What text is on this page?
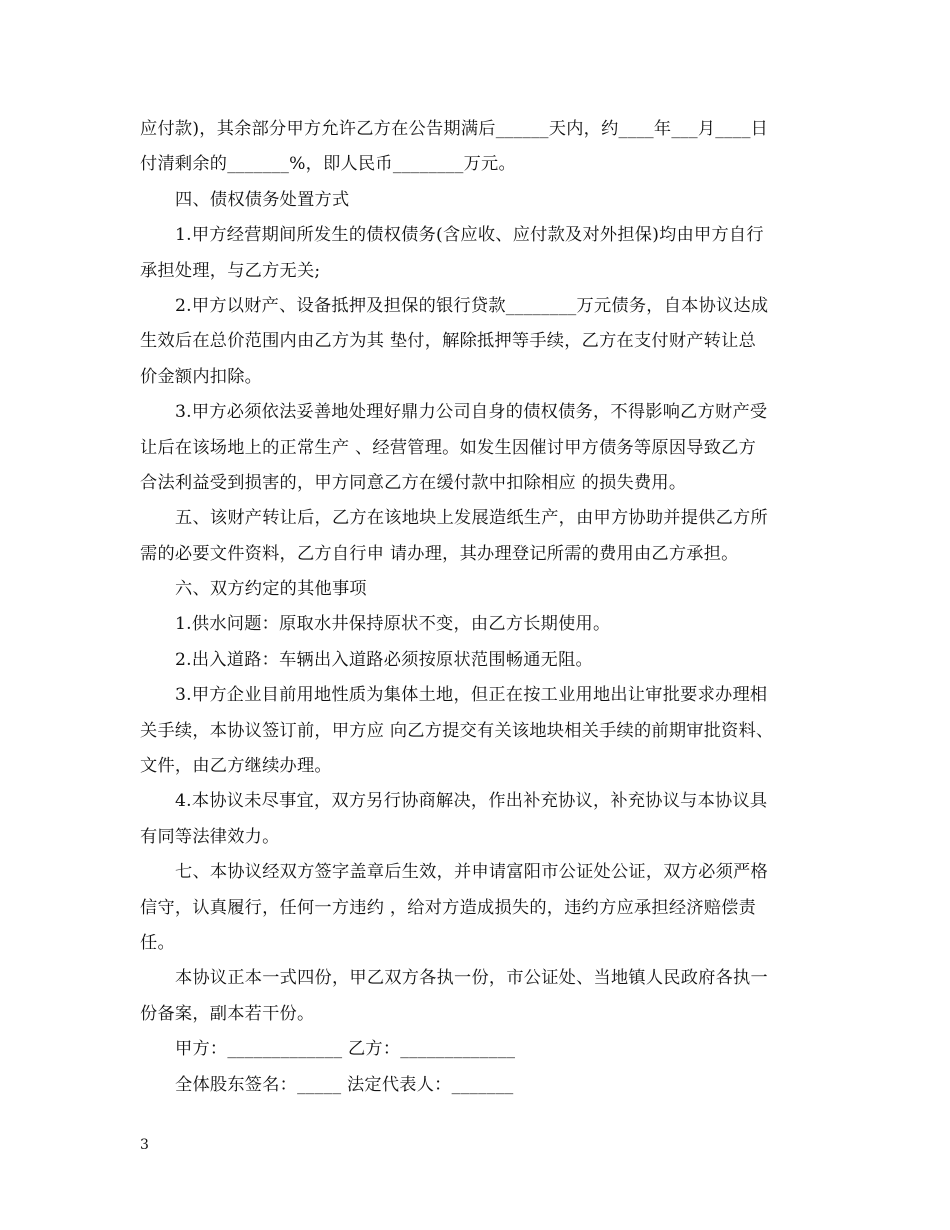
应付款)，其余部分甲方允许乙方在公告期满后______天内，约____年___月____日
付清剩余的_______%，即人民币________万元。
四、债权债务处置方式
1.甲方经营期间所发生的债权债务(含应收、应付款及对外担保)均由甲方自行
承担处理，与乙方无关;
2.甲方以财产、设备抵押及担保的银行贷款________万元债务，自本协议达成
生效后在总价范围内由乙方为其 垫付，解除抵押等手续，乙方在支付财产转让总
价金额内扣除。
3.甲方必须依法妥善地处理好鼎力公司自身的债权债务，不得影响乙方财产受
让后在该场地上的正常生产 、经营管理。如发生因催讨甲方债务等原因导致乙方
合法利益受到损害的，甲方同意乙方在缓付款中扣除相应 的损失费用。
五、该财产转让后，乙方在该地块上发展造纸生产，由甲方协助并提供乙方所
需的必要文件资料，乙方自行申 请办理，其办理登记所需的费用由乙方承担。
六、双方约定的其他事项
1.供水问题：原取水井保持原状不变，由乙方长期使用。
2.出入道路：车辆出入道路必须按原状范围畅通无阻。
3.甲方企业目前用地性质为集体土地，但正在按工业用地出让审批要求办理相
关手续，本协议签订前，甲方应 向乙方提交有关该地块相关手续的前期审批资料、
文件，由乙方继续办理。
4.本协议未尽事宜，双方另行协商解决，作出补充协议，补充协议与本协议具
有同等法律效力。
七、本协议经双方签字盖章后生效，并申请富阳市公证处公证，双方必须严格
信守，认真履行，任何一方违约 ，给对方造成损失的，违约方应承担经济赔偿责
任。
本协议正本一式四份，甲乙双方各执一份，市公证处、当地镇人民政府各执一
份备案，副本若干份。
甲方：_____________ 乙方：_____________
全体股东签名：_____ 法定代表人：_______
3
